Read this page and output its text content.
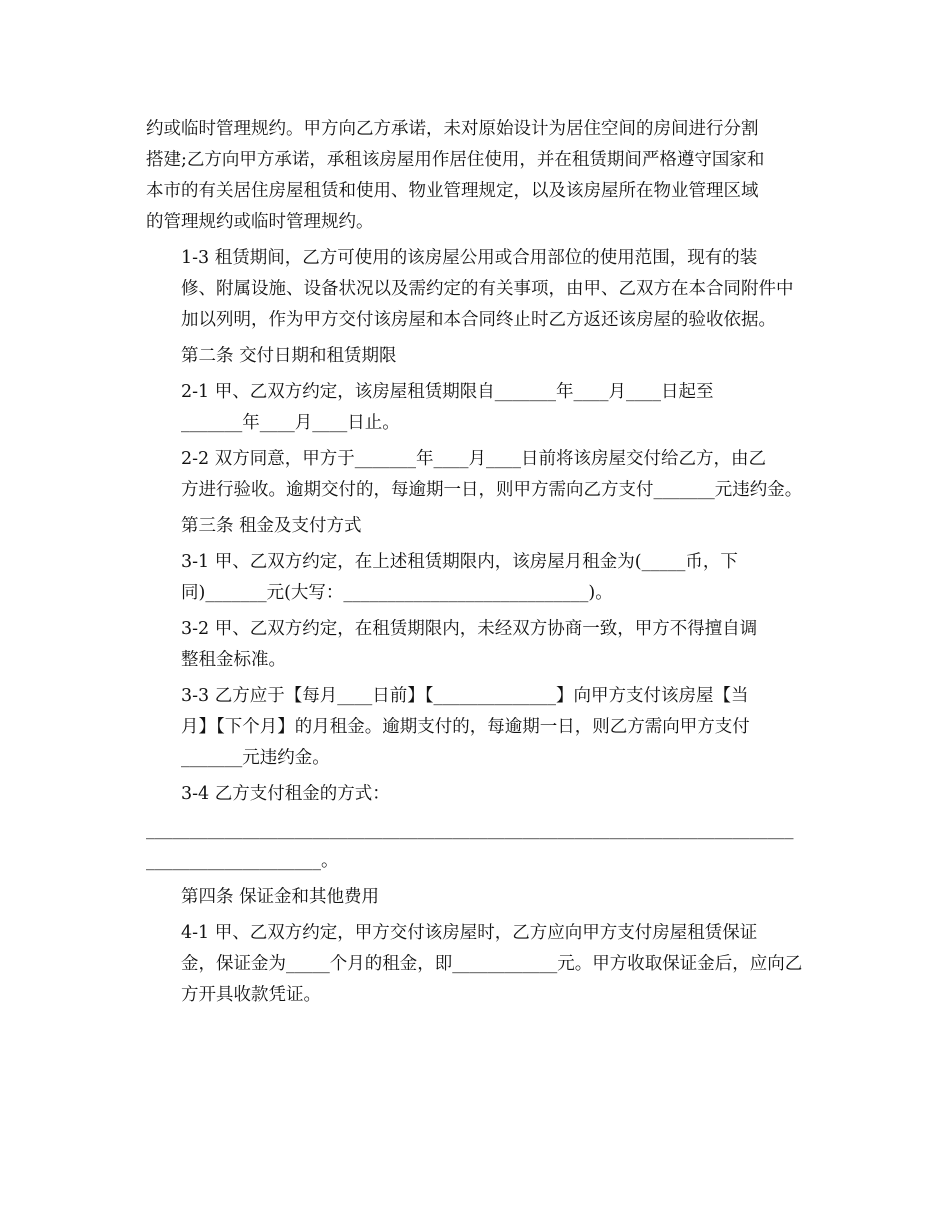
约或临时管理规约。甲方向乙方承诺，未对原始设计为居住空间的房间进行分割
搭建;乙方向甲方承诺，承租该房屋用作居住使用，并在租赁期间严格遵守国家和
本市的有关居住房屋租赁和使用、物业管理规定，以及该房屋所在物业管理区域
的管理规约或临时管理规约。
1-3 租赁期间，乙方可使用的该房屋公用或合用部位的使用范围，现有的装
修、附属设施、设备状况以及需约定的有关事项，由甲、乙双方在本合同附件中
加以列明，作为甲方交付该房屋和本合同终止时乙方返还该房屋的验收依据。
第二条 交付日期和租赁期限
2-1 甲、乙双方约定，该房屋租赁期限自_______年____月____日起至
_______年____月____日止。
2-2 双方同意，甲方于_______年____月____日前将该房屋交付给乙方，由乙
方进行验收。逾期交付的，每逾期一日，则甲方需向乙方支付_______元违约金。
第三条 租金及支付方式
3-1 甲、乙双方约定，在上述租赁期限内，该房屋月租金为(_____币，下
同)_______元(大写：____________________________)。
3-2 甲、乙双方约定，在租赁期限内，未经双方协商一致，甲方不得擅自调
整租金标准。
3-3 乙方应于【每月____日前】【______________】向甲方支付该房屋【当
月】【下个月】的月租金。逾期支付的，每逾期一日，则乙方需向甲方支付
_______元违约金。
3-4 乙方支付租金的方式：
__________________________________________________________________________
____________________。
第四条 保证金和其他费用
4-1 甲、乙双方约定，甲方交付该房屋时，乙方应向甲方支付房屋租赁保证
金，保证金为_____个月的租金，即____________元。甲方收取保证金后，应向乙
方开具收款凭证。
